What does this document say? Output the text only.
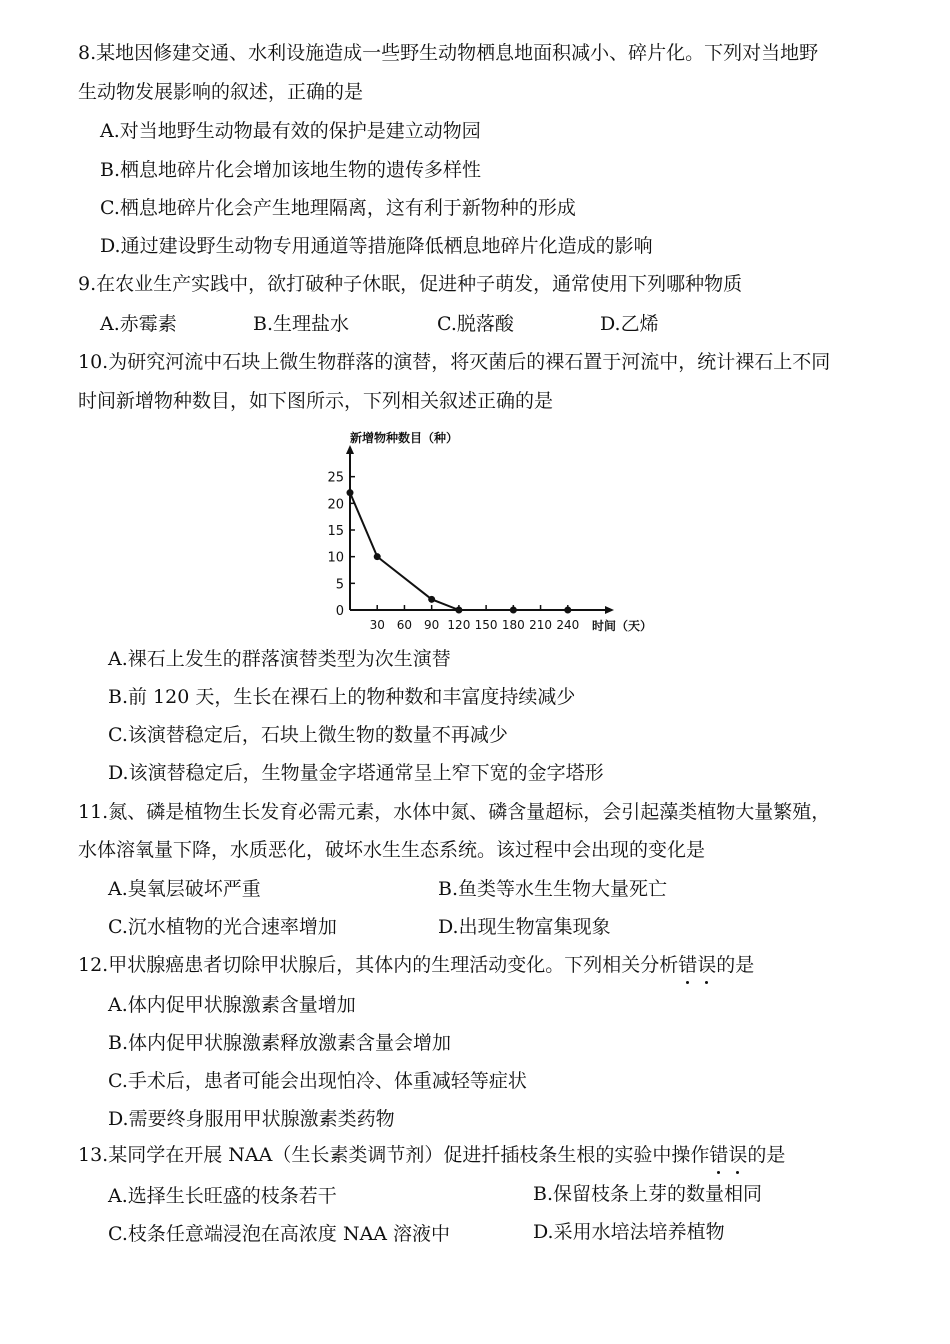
8.某地因修建交通、水利设施造成一些野生动物栖息地面积减小、碎片化。下列对当地野
生动物发展影响的叙述，正确的是
A.对当地野生动物最有效的保护是建立动物园
B.栖息地碎片化会增加该地生物的遗传多样性
C.栖息地碎片化会产生地理隔离，这有利于新物种的形成
D.通过建设野生动物专用通道等措施降低栖息地碎片化造成的影响
9.在农业生产实践中，欲打破种子休眠，促进种子萌发，通常使用下列哪种物质
A.赤霉素	B.生理盐水	C.脱落酸	D.乙烯
10.为研究河流中石块上微生物群落的演替，将灭菌后的裸石置于河流中，统计裸石上不同
时间新增物种数目，如下图所示，下列相关叙述正确的是
新增物种数目（种）
0
5
10
15
20
25
30 60 90 120 150 180 210 240 时间（天）
A.裸石上发生的群落演替类型为次生演替
B.前 120 天，生长在裸石上的物种数和丰富度持续减少
C.该演替稳定后，石块上微生物的数量不再减少
D.该演替稳定后，生物量金字塔通常呈上窄下宽的金字塔形
11.氮、磷是植物生长发育必需元素，水体中氮、磷含量超标，会引起藻类植物大量繁殖，
水体溶氧量下降，水质恶化，破坏水生生态系统。该过程中会出现的变化是
A.臭氧层破坏严重	B.鱼类等水生生物大量死亡
C.沉水植物的光合速率增加	D.出现生物富集现象
12.甲状腺癌患者切除甲状腺后，其体内的生理活动变化。下列相关分析错误的是
A.体内促甲状腺激素含量增加
B.体内促甲状腺激素释放激素含量会增加
C.手术后，患者可能会出现怕冷、体重减轻等症状
D.需要终身服用甲状腺激素类药物
13.某同学在开展 NAA（生长素类调节剂）促进扦插枝条生根的实验中操作错误的是
A.选择生长旺盛的枝条若干	B.保留枝条上芽的数量相同
C.枝条任意端浸泡在高浓度 NAA 溶液中	D.采用水培法培养植物
